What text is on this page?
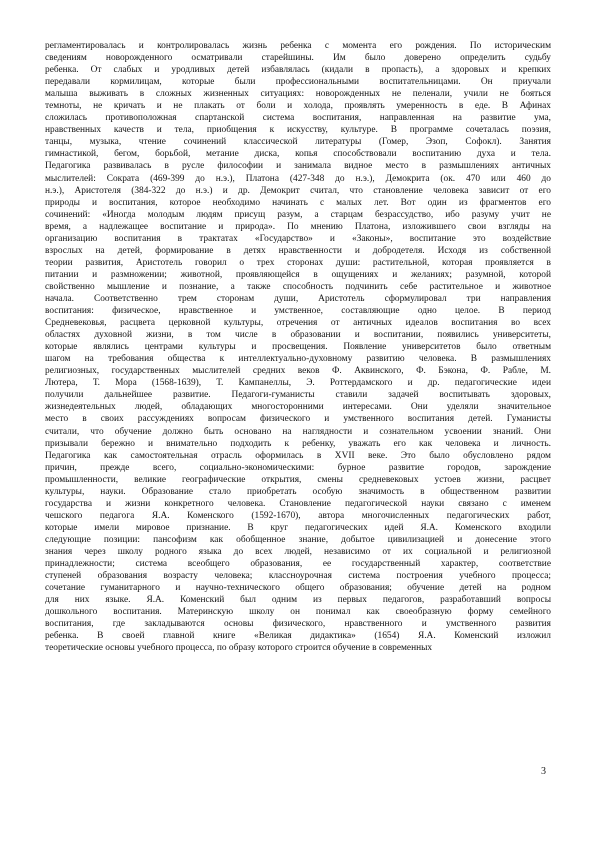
регламентировалась и контролировалась жизнь ребенка с момента его рождения. По историческим
сведениям новорожденного осматривали старейшины. Им было доверено определить судьбу
ребенка. От слабых и уродливых детей избавлялась (кидали в пропасть), а здоровых и крепких
передавали кормилицам, которые были профессиональными воспитательницами. Он приучали
малыша выживать в сложных жизненных ситуациях: новорожденных не пеленали, учили не бояться
темноты, не кричать и не плакать от боли и холода, проявлять умеренность в еде. В Афинах
сложилась противоположная спартанской система воспитания, направленная на развитие ума,
нравственных качеств и тела, приобщения к искусству, культуре. В программе сочеталась поэзия,
танцы, музыка, чтение сочинений классической литературы (Гомер, Эзоп, Софокл). Занятия
гимнастикой, бегом, борьбой, метание диска, копья способствовали воспитанию духа и тела.
Педагогика развивалась в русле философии и занимала видное место в размышлениях античных
мыслителей: Сократа (469-399 до н.э.), Платона (427-348 до н.э.), Демокрита (ок. 470 или 460 до
н.э.), Аристотеля (384-322 до н.э.) и др. Демокрит считал, что становление человека зависит от его
природы и воспитания, которое необходимо начинать с малых лет. Вот один из фрагментов его
сочинений: «Иногда молодым людям присущ разум, а старцам безрассудство, ибо разуму учит не
время, а надлежащее воспитание и природа». По мнению Платона, изложившего свои взгляды на
организацию воспитания в трактатах «Государство» и «Законы», воспитание это воздействие
взрослых на детей, формирование в детях нравственности и добродетеля. Исходя из собственной
теории развития, Аристотель говорил о трех сторонах души: растительной, которая проявляется в
питании и размножении; животной, проявляющейся в ощущениях и желаниях; разумной, которой
свойственно мышление и познание, а также способность подчинить себе растительное и животное
начала. Соответственно трем сторонам души, Аристотель сформулировал три направления
воспитания: физическое, нравственное и умственное, составляющие одно целое. В период
Средневековья, расцвета церковной культуры, отречения от античных идеалов воспитания во всех
областях духовной жизни, в том числе в образовании и воспитании, появились университеты,
которые являлись центрами культуры и просвещения. Появление университетов было ответным
шагом на требования общества к интеллектуально-духовному развитию человека. В размышлениях
религиозных, государственных мыслителей средних веков Ф. Аквинского, Ф. Бэкона, Ф. Рабле, М.
Лютера, Т. Мора (1568-1639), Т. Кампанеллы, Э. Роттердамского и др. педагогические идеи
получили дальнейшее развитие. Педагоги-гуманисты ставили задачей воспитывать здоровых,
жизнедеятельных людей, обладающих многосторонними интересами. Они уделяли значительное
место в своих рассуждениях вопросам физического и умственного воспитания детей. Гуманисты
считали, что обучение должно быть основано на наглядности и сознательном усвоении знаний. Они
призывали бережно и внимательно подходить к ребенку, уважать его как человека и личность.
Педагогика как самостоятельная отрасль оформилась в XVII веке. Это было обусловлено рядом
причин, прежде всего, социально-экономическими: бурное развитие городов, зарождение
промышленности, великие географические открытия, смены средневековых устоев жизни, расцвет
культуры, науки. Образование стало приобретать особую значимость в общественном развитии
государства и жизни конкретного человека. Становление педагогической науки связано с именем
чешского педагога Я.А. Коменского (1592-1670), автора многочисленных педагогических работ,
которые имели мировое признание. В круг педагогических идей Я.А. Коменского входили
следующие позиции: пансофизм как обобщенное знание, добытое цивилизацией и донесение этого
знания через школу родного языка до всех людей, независимо от их социальной и религиозной
принадлежности; система всеобщего образования, ее государственный характер, соответствие
ступеней образования возрасту человека; классноурочная система построения учебного процесса;
сочетание гуманитарного и научно-технического общего образования; обучение детей на родном
для них языке. Я.А. Коменский был одним из первых педагогов, разработавший вопросы
дошкольного воспитания. Материнскую школу он понимал как своеобразную форму семейного
воспитания, где закладываются основы физического, нравственного и умственного развития
ребенка. В своей главной книге «Великая дидактика» (1654) Я.А. Коменский изложил
теоретические основы учебного процесса, по образу которого строится обучение в современных
3
